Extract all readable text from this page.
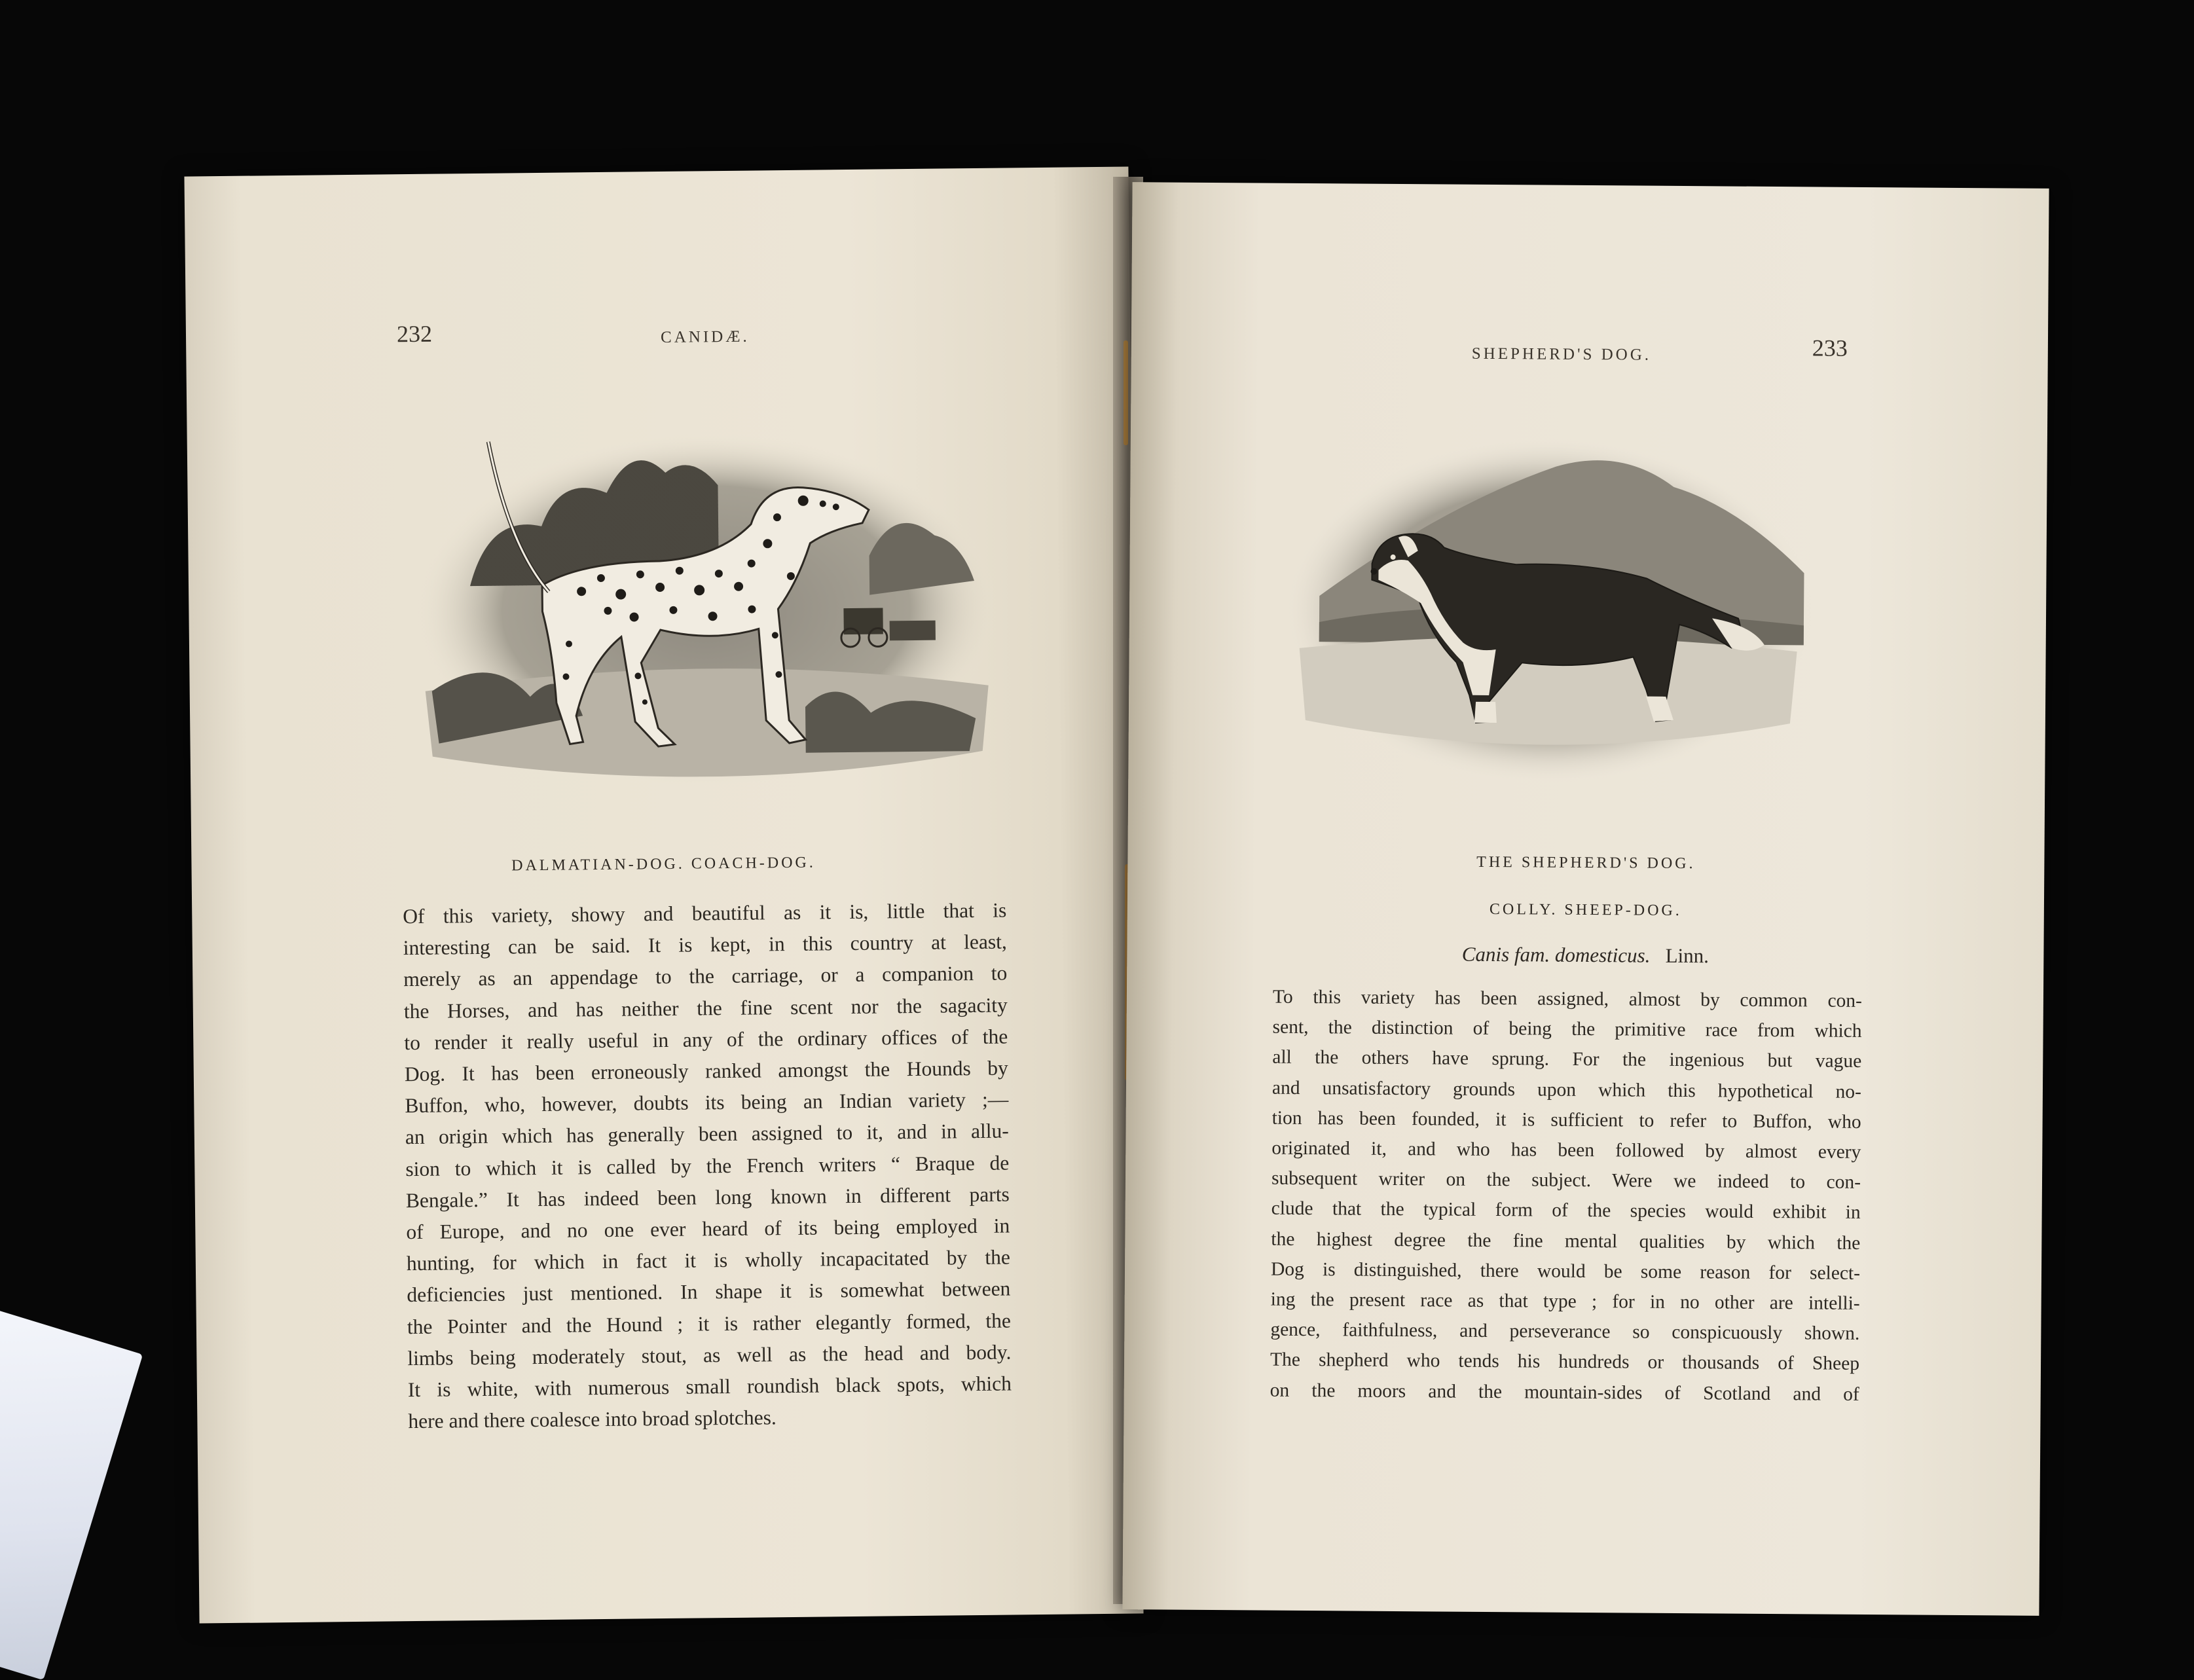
232	CANIDÆ.
DALMATIAN-DOG. COACH-DOG.
Of this variety, showy and beautiful as it is, little that is
interesting can be said. It is kept, in this country at least,
merely as an appendage to the carriage, or a companion to
the Horses, and has neither the fine scent nor the sagacity
to render it really useful in any of the ordinary offices of the
Dog. It has been erroneously ranked amongst the Hounds by
Buffon, who, however, doubts its being an Indian variety ;—
an origin which has generally been assigned to it, and in allu-
sion to which it is called by the French writers “ Braque de
Bengale.” It has indeed been long known in different parts
of Europe, and no one ever heard of its being employed in
hunting, for which in fact it is wholly incapacitated by the
deficiencies just mentioned. In shape it is somewhat between
the Pointer and the Hound ; it is rather elegantly formed, the
limbs being moderately stout, as well as the head and body.
It is white, with numerous small roundish black spots, which
here and there coalesce into broad splotches.
SHEPHERD'S DOG.	233
THE SHEPHERD'S DOG.
COLLY. SHEEP-DOG.
Canis fam. domesticus. Linn.
To this variety has been assigned, almost by common con-
sent, the distinction of being the primitive race from which
all the others have sprung. For the ingenious but vague
and unsatisfactory grounds upon which this hypothetical no-
tion has been founded, it is sufficient to refer to Buffon, who
originated it, and who has been followed by almost every
subsequent writer on the subject. Were we indeed to con-
clude that the typical form of the species would exhibit in
the highest degree the fine mental qualities by which the
Dog is distinguished, there would be some reason for select-
ing the present race as that type ; for in no other are intelli-
gence, faithfulness, and perseverance so conspicuously shown.
The shepherd who tends his hundreds or thousands of Sheep
on the moors and the mountain-sides of Scotland and of
